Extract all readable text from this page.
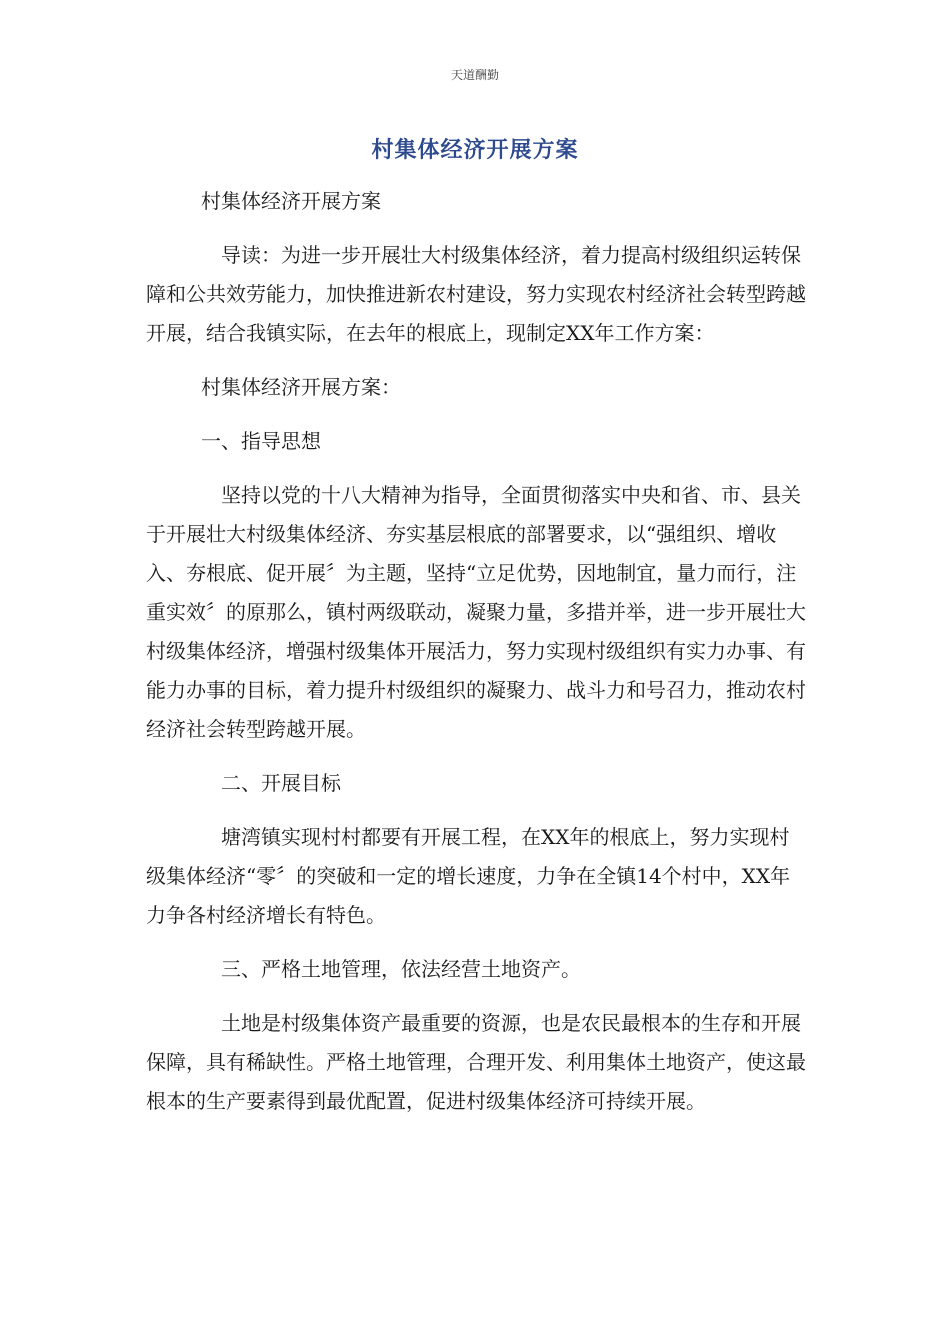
天道酬勤
村集体经济开展方案

村集体经济开展方案

导读：为进一步开展壮大村级集体经济，着力提高村级组织运转保障和公共效劳能力，加快推进新农村建设，努力实现农村经济社会转型跨越开展，结合我镇实际，在去年的根底上，现制定XX年工作方案：

村集体经济开展方案：

一、指导思想

坚持以党的十八大精神为指导，全面贯彻落实中央和省、市、县关于开展壮大村级集体经济、夯实基层根底的部署要求，以“强组织、增收入、夯根底、促开展〞为主题，坚持“立足优势，因地制宜，量力而行，注重实效〞的原那么，镇村两级联动，凝聚力量，多措并举，进一步开展壮大村级集体经济，增强村级集体开展活力，努力实现村级组织有实力办事、有能力办事的目标，着力提升村级组织的凝聚力、战斗力和号召力，推动农村经济社会转型跨越开展。

二、开展目标

塘湾镇实现村村都要有开展工程，在XX年的根底上，努力实现村级集体经济“零〞的突破和一定的增长速度，力争在全镇14个村中，XX年力争各村经济增长有特色。

三、严格土地管理，依法经营土地资产。

土地是村级集体资产最重要的资源，也是农民最根本的生存和开展保障，具有稀缺性。严格土地管理，合理开发、利用集体土地资产，使这最根本的生产要素得到最优配置，促进村级集体经济可持续开展。
